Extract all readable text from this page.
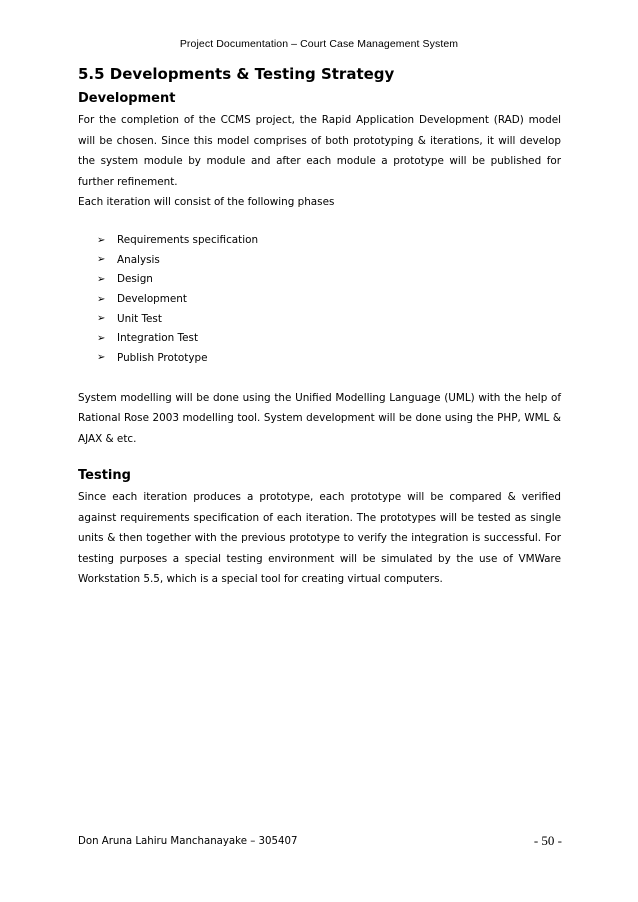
Project Documentation – Court Case Management System
5.5 Developments & Testing Strategy
Development

For the completion of the CCMS project, the Rapid Application Development (RAD) model will be chosen. Since this model comprises of both prototyping & iterations, it will develop the system module by module and after each module a prototype will be published for further refinement.

Each iteration will consist of the following phases

➢	Requirements specification
➢	Analysis
➢	Design
➢	Development
➢	Unit Test
➢	Integration Test
➢	Publish Prototype

System modelling will be done using the Unified Modelling Language (UML) with the help of Rational Rose 2003 modelling tool. System development will be done using the PHP, WML & AJAX & etc.

Testing

Since each iteration produces a prototype, each prototype will be compared & verified against requirements specification of each iteration. The prototypes will be tested as single units & then together with the previous prototype to verify the integration is successful. For testing purposes a special testing environment will be simulated by the use of VMWare Workstation 5.5, which is a special tool for creating virtual computers.

Don Aruna Lahiru Manchanayake – 305407	- 50 -
